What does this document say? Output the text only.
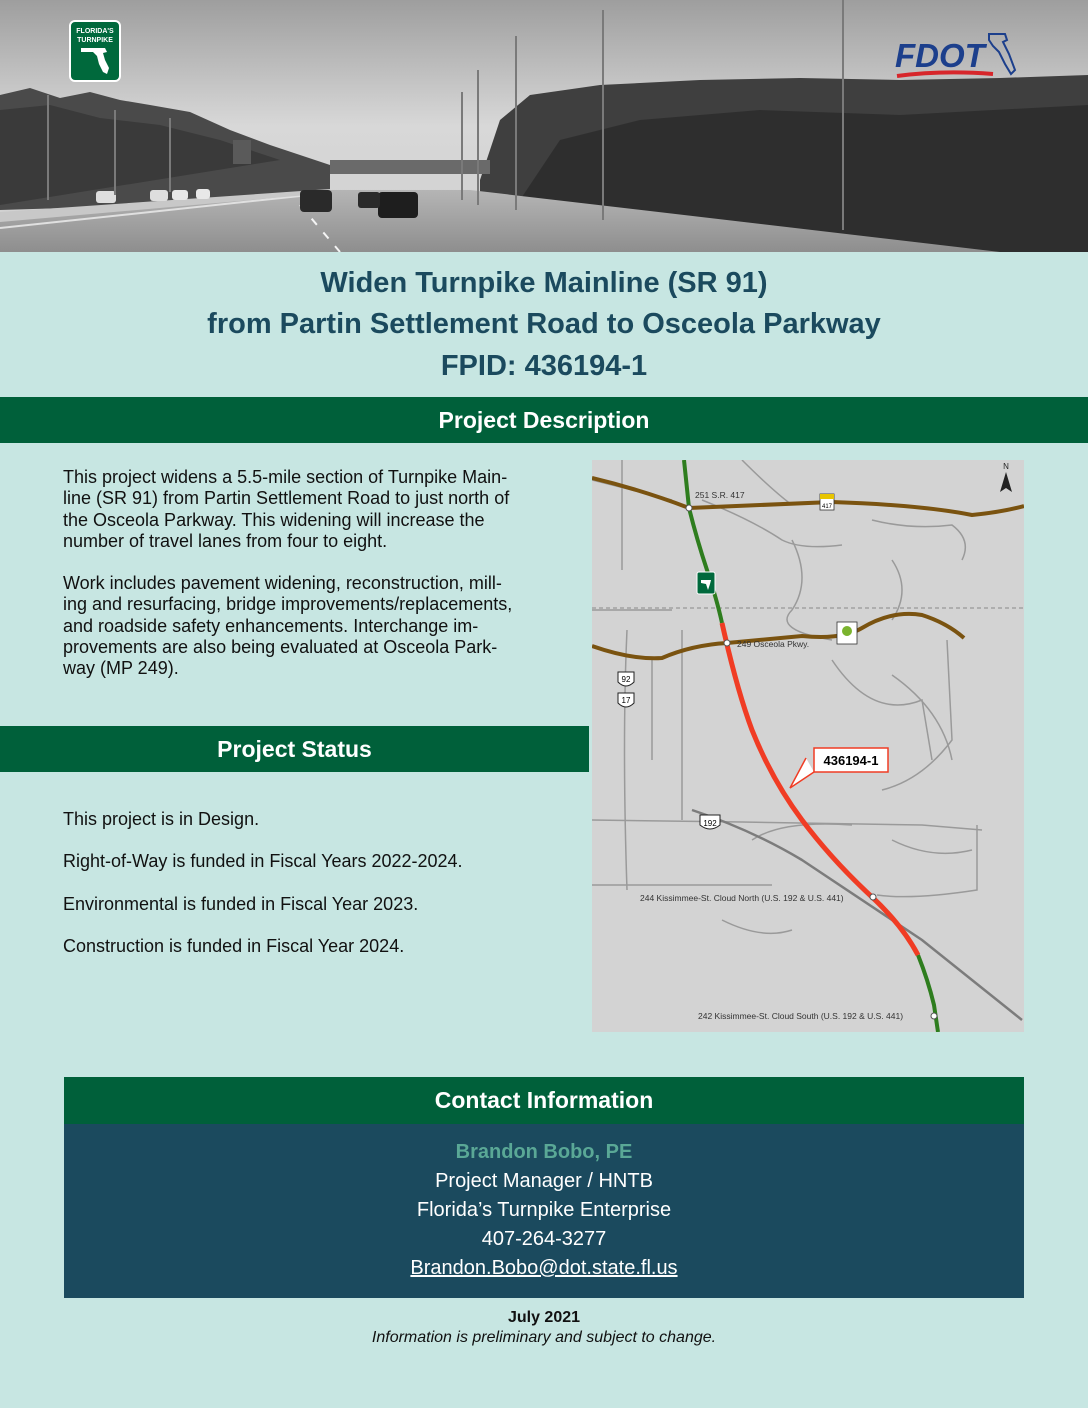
FLORIDA'S
TURNPIKE	FDOT
Widen Turnpike Mainline (SR 91)
from Partin Settlement Road to Osceola Parkway
FPID: 436194-1
Project Description

This project widens a 5.5-mile section of Turnpike Main-

line (SR 91) from Partin Settlement Road to just north of

the Osceola Parkway. This widening will increase the

number of travel lanes from four to eight.

Work includes pavement widening, reconstruction, mill-

ing and resurfacing, bridge improvements/replacements,

and roadside safety enhancements. Interchange im-

provements are also being evaluated at Osceola Park-

way (MP 249).

Project Status
This project is in Design.
Right-of-Way is funded in Fiscal Years 2022-2024.
Environmental is funded in Fiscal Year 2023.
Construction is funded in Fiscal Year 2024.
251 S.R. 417
249 Osceola Pkwy.
244 Kissimmee-St. Cloud North (U.S. 192 & U.S. 441)
242 Kissimmee-St. Cloud South (U.S. 192 & U.S. 441)
N
417
92
17
192
436194-1
Contact Information
Brandon Bobo, PE
Project Manager / HNTB
Florida’s Turnpike Enterprise
407-264-3277
Brandon.Bobo@dot.state.fl.us
July 2021
Information is preliminary and subject to change.
